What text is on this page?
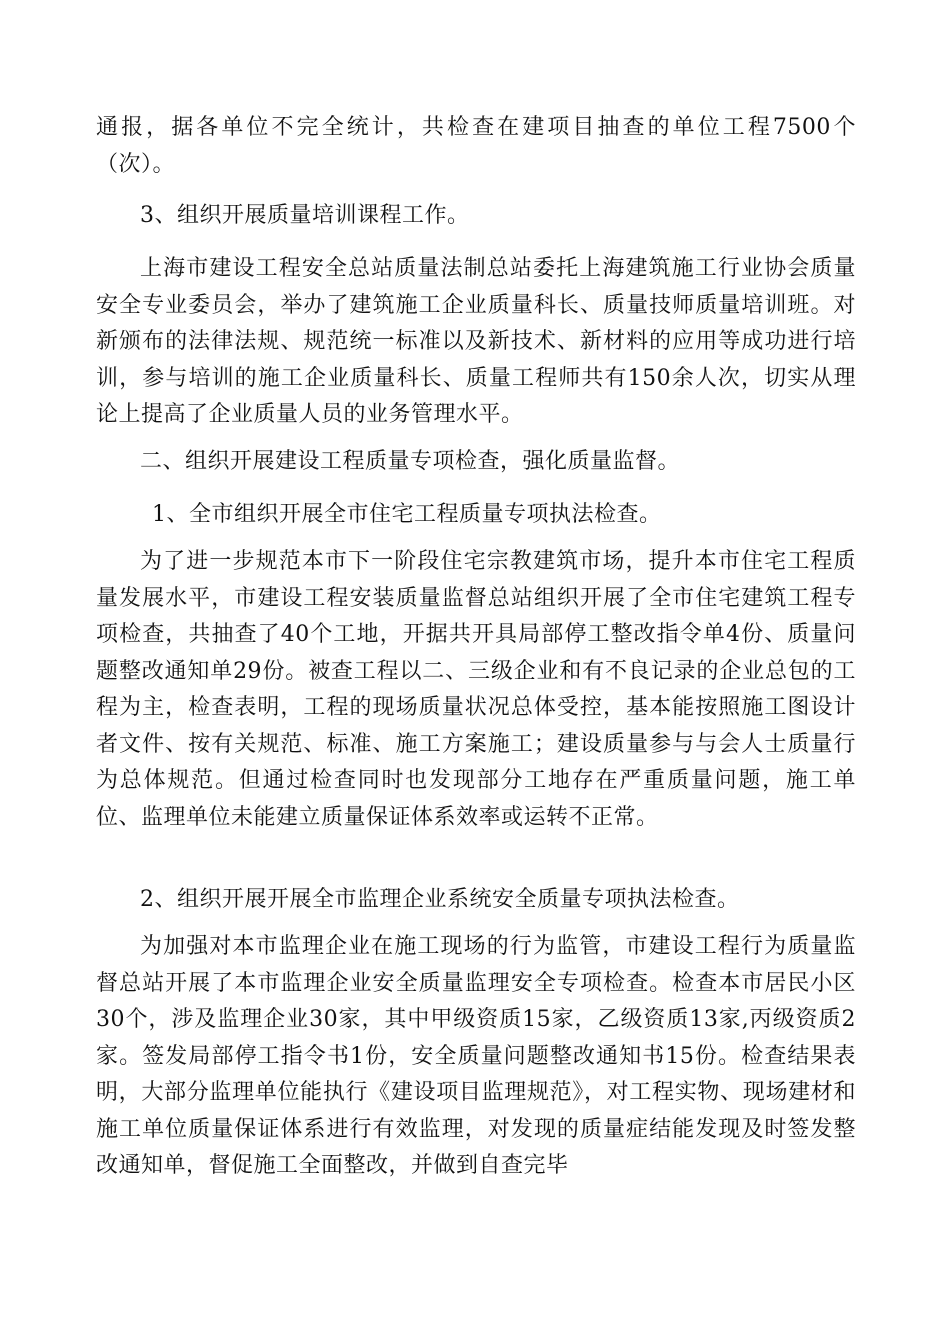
通报，据各单位不完全统计，共检查在建项目抽查的单位工程7500个（次）。

3、组织开展质量培训课程工作。

上海市建设工程安全总站质量法制总站委托上海建筑施工行业协会质量安全专业委员会，举办了建筑施工企业质量科长、质量技师质量培训班。对新颁布的法律法规、规范统一标准以及新技术、新材料的应用等成功进行培训，参与培训的施工企业质量科长、质量工程师共有150余人次，切实从理论上提高了企业质量人员的业务管理水平。

二、组织开展建设工程质量专项检查，强化质量监督。

1、全市组织开展全市住宅工程质量专项执法检查。

为了进一步规范本市下一阶段住宅宗教建筑市场，提升本市住宅工程质量发展水平，市建设工程安装质量监督总站组织开展了全市住宅建筑工程专项检查，共抽查了40个工地，开据共开具局部停工整改指令单4份、质量问题整改通知单29份。被查工程以二、三级企业和有不良记录的企业总包的工程为主，检查表明，工程的现场质量状况总体受控，基本能按照施工图设计者文件、按有关规范、标准、施工方案施工；建设质量参与与会人士质量行为总体规范。但通过检查同时也发现部分工地存在严重质量问题，施工单位、监理单位未能建立质量保证体系效率或运转不正常。

2、组织开展开展全市监理企业系统安全质量专项执法检查。

为加强对本市监理企业在施工现场的行为监管，市建设工程行为质量监督总站开展了本市监理企业安全质量监理安全专项检查。检查本市居民小区30个，涉及监理企业30家，其中甲级资质15家，乙级资质13家,丙级资质2家。签发局部停工指令书1份，安全质量问题整改通知书15份。检查结果表明，大部分监理单位能执行《建设项目监理规范》，对工程实物、现场建材和施工单位质量保证体系进行有效监理，对发现的质量症结能发现及时签发整改通知单，督促施工全面整改，并做到自查完毕
